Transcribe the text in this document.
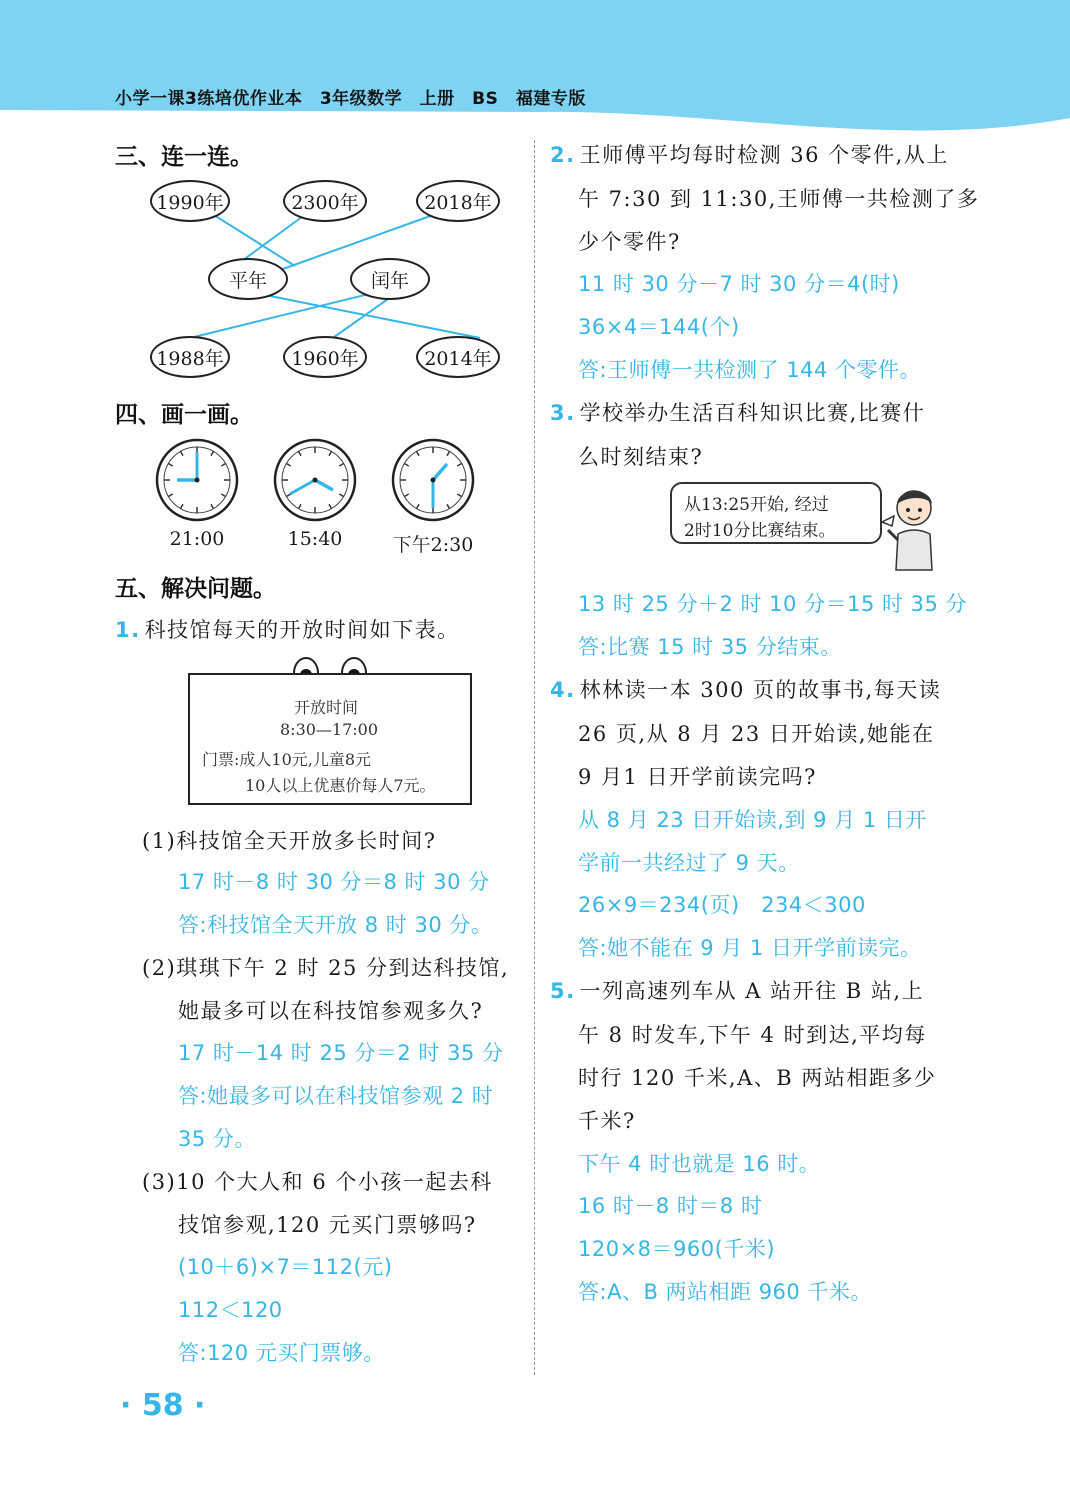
小学一课3练培优作业本　3年级数学　上册　BS　福建专版
三、连一连。
1990年	2300年	2018年
平年	闰年
1988年	1960年	2014年
四、画一画。
21:00	15:40	下午2:30
五、解决问题。
1. 科技馆每天的开放时间如下表。
开放时间
8:30—17:00
门票:成人10元,儿童8元
10人以上优惠价每人7元。
(1)科技馆全天开放多长时间?
17 时－8 时 30 分＝8 时 30 分
答:科技馆全天开放 8 时 30 分。
(2)琪琪下午 2 时 25 分到达科技馆,
她最多可以在科技馆参观多久?
17 时－14 时 25 分＝2 时 35 分
答:她最多可以在科技馆参观 2 时
35 分。
(3)10 个大人和 6 个小孩一起去科
技馆参观,120 元买门票够吗?
(10＋6)×7＝112(元)
112＜120
答:120 元买门票够。
2. 王师傅平均每时检测 36 个零件,从上
午 7:30 到 11:30,王师傅一共检测了多
少个零件?
11 时 30 分－7 时 30 分＝4(时)
36×4＝144(个)
答:王师傅一共检测了 144 个零件。
3. 学校举办生活百科知识比赛,比赛什
么时刻结束?
从13:25开始, 经过
2时10分比赛结束。
13 时 25 分＋2 时 10 分＝15 时 35 分
答:比赛 15 时 35 分结束。
4. 林林读一本 300 页的故事书,每天读
26 页,从 8 月 23 日开始读,她能在
9 月1 日开学前读完吗?
从 8 月 23 日开始读,到 9 月 1 日开
学前一共经过了 9 天。
26×9＝234(页)　234＜300
答:她不能在 9 月 1 日开学前读完。
5. 一列高速列车从 A 站开往 B 站,上
午 8 时发车,下午 4 时到达,平均每
时行 120 千米,A、B 两站相距多少
千米?
下午 4 时也就是 16 时。
16 时－8 时＝8 时
120×8＝960(千米)
答:A、B 两站相距 960 千米。
· 58 ·
